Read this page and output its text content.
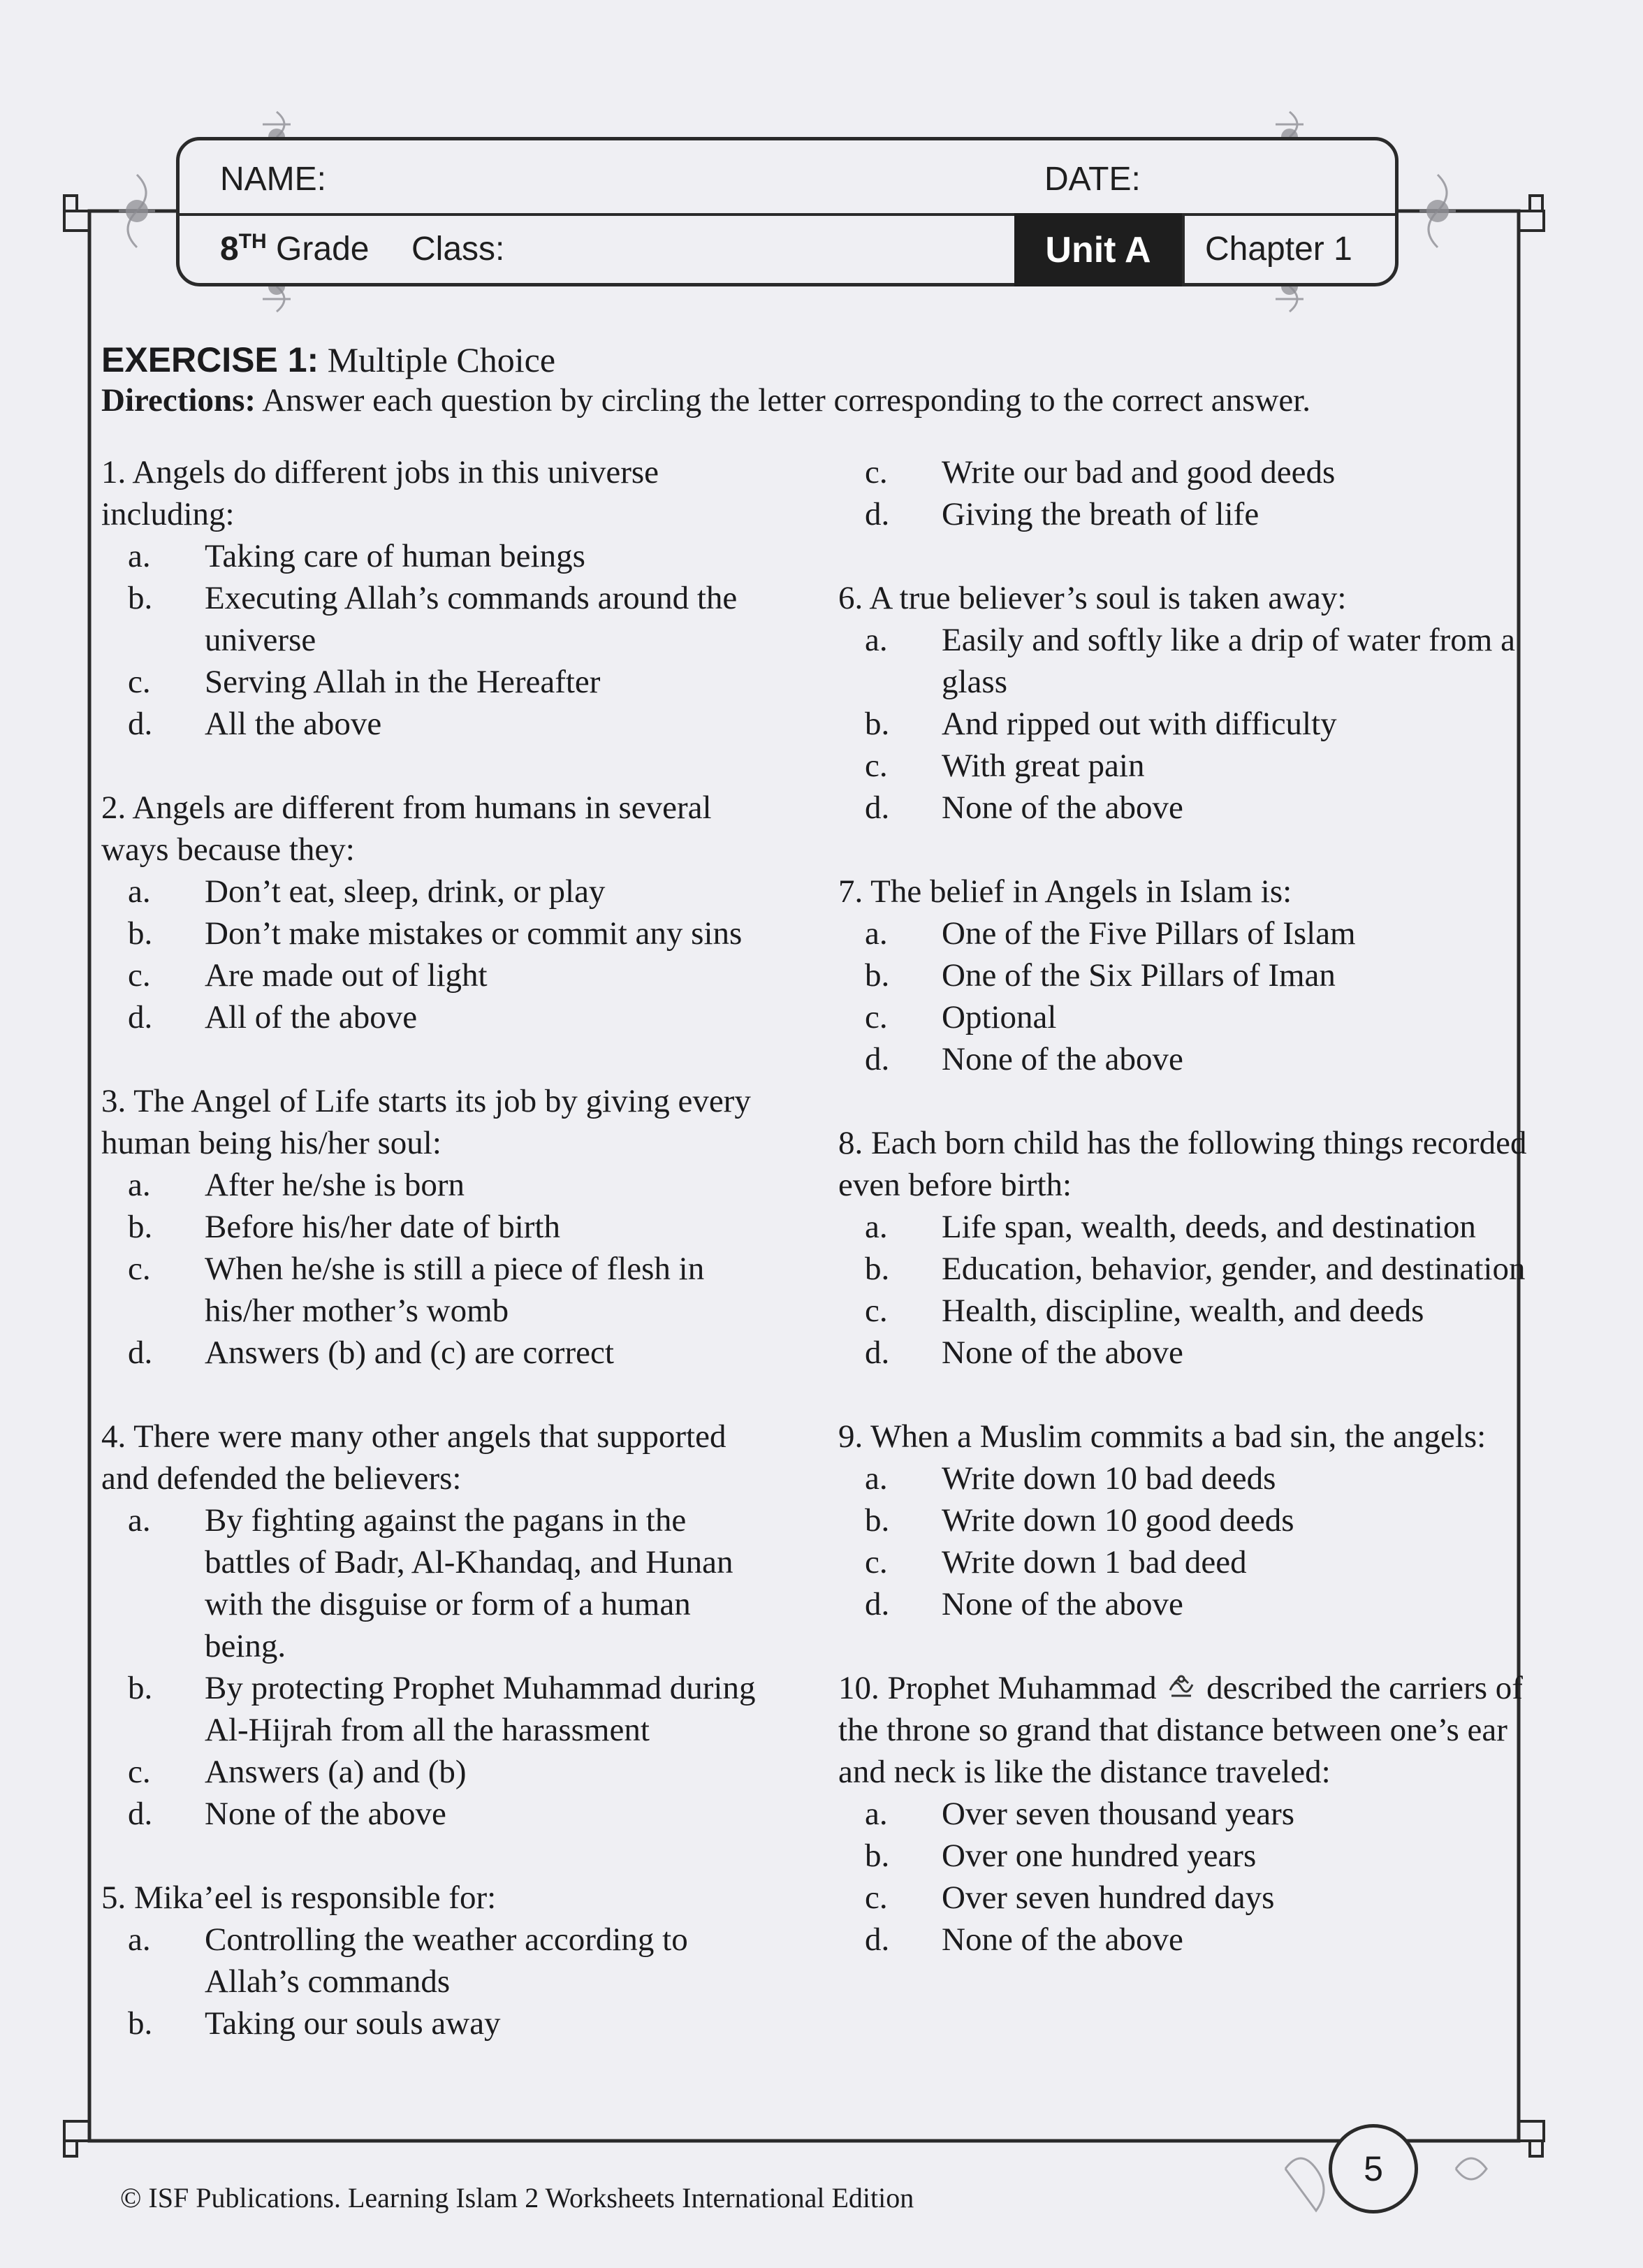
NAME:	DATE:
8TH Grade Class:	Unit A	Chapter 1
EXERCISE 1: Multiple Choice
Directions: Answer each question by circling the letter corresponding to the correct answer.
1. Angels do different jobs in this universe including:
a.	Taking care of human beings
b.	Executing Allah’s commands around the universe
c.	Serving Allah in the Hereafter
d.	All the above
2. Angels are different from humans in several ways because they:
a.	Don’t eat, sleep, drink, or play
b.	Don’t make mistakes or commit any sins
c.	Are made out of light
d.	All of the above
3. The Angel of Life starts its job by giving every human being his/her soul:
a.	After he/she is born
b.	Before his/her date of birth
c.	When he/she is still a piece of flesh in his/her mother’s womb
d.	Answers (b) and (c) are correct
4. There were many other angels that supported and defended the believers:
a.	By fighting against the pagans in the battles of Badr, Al-Khandaq, and Hunan with the disguise or form of a human being.
b.	By protecting Prophet Muhammad during Al-Hijrah from all the harassment
c.	Answers (a) and (b)
d.	None of the above
5. Mika’eel is responsible for:
a.	Controlling the weather according to Allah’s commands
b.	Taking our souls away
c.	Write our bad and good deeds
d.	Giving the breath of life
6. A true believer’s soul is taken away:
a.	Easily and softly like a drip of water from a glass
b.	And ripped out with difficulty
c.	With great pain
d.	None of the above
7. The belief in Angels in Islam is:
a.	One of the Five Pillars of Islam
b.	One of the Six Pillars of Iman
c.	Optional
d.	None of the above
8. Each born child has the following things recorded even before birth:
a.	Life span, wealth, deeds, and destination
b.	Education, behavior, gender, and destination
c.	Health, discipline, wealth, and deeds
d.	None of the above
9. When a Muslim commits a bad sin, the angels:
a.	Write down 10 bad deeds
b.	Write down 10 good deeds
c.	Write down 1 bad deed
d.	None of the above
10. Prophet Muhammad described the carriers of the throne so grand that distance between one’s ear and neck is like the distance traveled:
a.	Over seven thousand years
b.	Over one hundred years
c.	Over seven hundred days
d.	None of the above
5
© ISF Publications. Learning Islam 2 Worksheets International Edition
